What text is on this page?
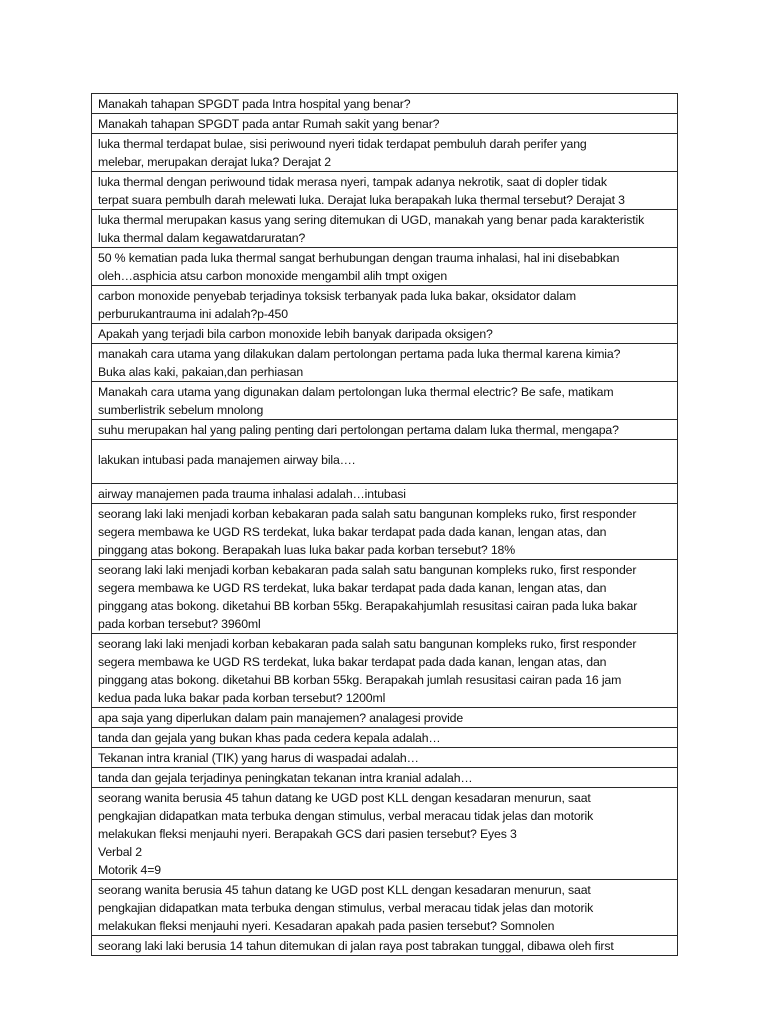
Manakah tahapan SPGDT pada Intra hospital yang benar?
Manakah tahapan SPGDT pada antar Rumah sakit yang benar?
luka thermal terdapat bulae, sisi periwound nyeri tidak terdapat pembuluh darah perifer yang
melebar, merupakan derajat luka? Derajat 2
luka thermal dengan periwound tidak merasa nyeri, tampak adanya nekrotik, saat di dopler tidak
terpat suara pembulh darah melewati luka. Derajat luka berapakah luka thermal tersebut? Derajat 3
luka thermal merupakan kasus yang sering ditemukan di UGD, manakah yang benar pada karakteristik
luka thermal dalam kegawatdaruratan?
50 % kematian pada luka thermal sangat berhubungan dengan trauma inhalasi, hal ini disebabkan
oleh…asphicia atsu carbon monoxide mengambil alih tmpt oxigen
carbon monoxide penyebab terjadinya toksisk terbanyak pada luka bakar, oksidator dalam
perburukantrauma ini adalah?p-450
Apakah yang terjadi bila carbon monoxide lebih banyak daripada oksigen?
manakah cara utama yang dilakukan dalam pertolongan pertama pada luka thermal karena kimia?
Buka alas kaki, pakaian,dan perhiasan
Manakah cara utama yang digunakan dalam pertolongan luka thermal electric? Be safe, matikam
sumberlistrik sebelum mnolong
suhu merupakan hal yang paling penting dari pertolongan pertama dalam luka thermal, mengapa?
lakukan intubasi pada manajemen airway bila….
airway manajemen pada trauma inhalasi adalah…intubasi
seorang laki laki menjadi korban kebakaran pada salah satu bangunan kompleks ruko, first responder
segera membawa ke UGD RS terdekat, luka bakar terdapat pada dada kanan, lengan atas, dan
pinggang atas bokong. Berapakah luas luka bakar pada korban tersebut? 18%
seorang laki laki menjadi korban kebakaran pada salah satu bangunan kompleks ruko, first responder
segera membawa ke UGD RS terdekat, luka bakar terdapat pada dada kanan, lengan atas, dan
pinggang atas bokong. diketahui BB korban 55kg. Berapakahjumlah resusitasi cairan pada luka bakar
pada korban tersebut? 3960ml
seorang laki laki menjadi korban kebakaran pada salah satu bangunan kompleks ruko, first responder
segera membawa ke UGD RS terdekat, luka bakar terdapat pada dada kanan, lengan atas, dan
pinggang atas bokong. diketahui BB korban 55kg. Berapakah jumlah resusitasi cairan pada 16 jam
kedua pada luka bakar pada korban tersebut? 1200ml
apa saja yang diperlukan dalam pain manajemen? analagesi provide
tanda dan gejala yang bukan khas pada cedera kepala adalah…
Tekanan intra kranial (TIK) yang harus di waspadai adalah…
tanda dan gejala terjadinya peningkatan tekanan intra kranial adalah…
seorang wanita berusia 45 tahun datang ke UGD post KLL dengan kesadaran menurun, saat
pengkajian didapatkan mata terbuka dengan stimulus, verbal meracau tidak jelas dan motorik
melakukan fleksi menjauhi nyeri. Berapakah GCS dari pasien tersebut? Eyes 3
Verbal 2
Motorik 4=9
seorang wanita berusia 45 tahun datang ke UGD post KLL dengan kesadaran menurun, saat
pengkajian didapatkan mata terbuka dengan stimulus, verbal meracau tidak jelas dan motorik
melakukan fleksi menjauhi nyeri. Kesadaran apakah pada pasien tersebut? Somnolen
seorang laki laki berusia 14 tahun ditemukan di jalan raya post tabrakan tunggal, dibawa oleh first
